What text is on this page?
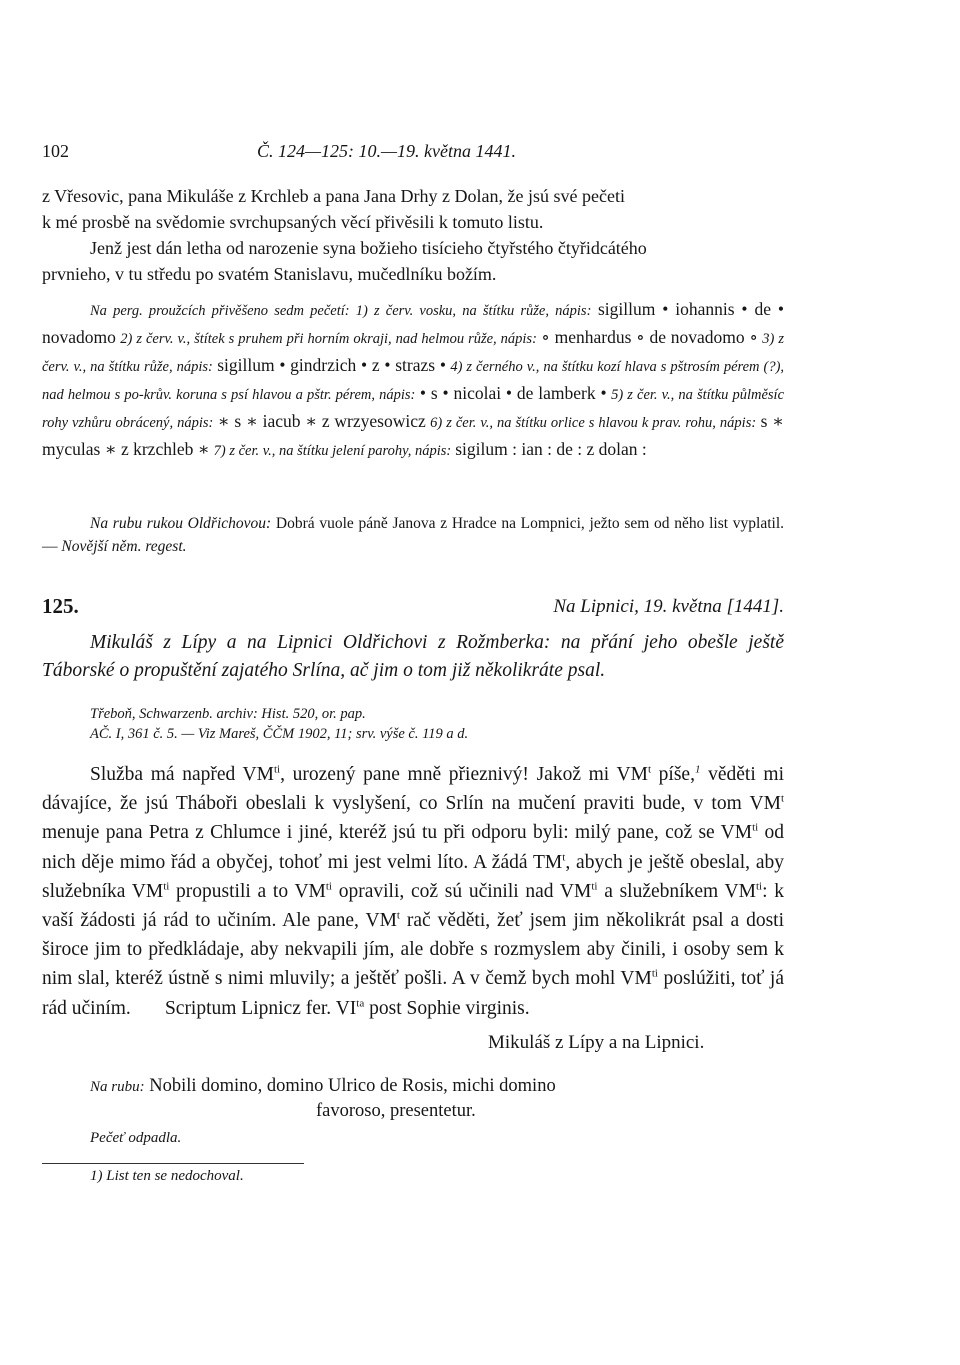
102	Č. 124—125: 10.—19. května 1441.

z Vřesovic, pana Mikuláše z Krchleb a pana Jana Drhy z Dolan, že jsú své pečeti

k mé prosbě na svědomie svrchupsaných věcí přivěsili k tomuto listu.

Jenž jest dán letha od narozenie syna božieho tisícieho čtyřstého čtyřidcátého

prvnieho, v tu středu po svatém Stanislavu, mučedlníku božím.

Na perg. proužcích přivěšeno sedm pečetí: 1) z červ. vosku, na štítku růže, nápis: sigillum • iohannis • de • novadomo 2) z červ. v., štítek s pruhem při horním okraji, nad helmou růže, nápis: ∘ menhardus ∘ de novadomo ∘ 3) z červ. v., na štítku růže, nápis: sigillum • gindrzich • z • strazs • 4) z černého v., na štítku kozí hlava s pštrosím pérem (?), nad helmou s po-krův. koruna s psí hlavou a pštr. pérem, nápis: • s • nicolai • de lamberk • 5) z čer. v., na štítku půlměsíc rohy vzhůru obrácený, nápis: ∗ s ∗ iacub ∗ z wrzyesowicz 6) z čer. v., na štítku orlice s hlavou k prav. rohu, nápis: s ∗ myculas ∗ z krzchleb ∗ 7) z čer. v., na štítku jelení parohy, nápis: sigilum : ian : de : z dolan :

Na rubu rukou Oldřichovou: Dobrá vuole páně Janova z Hradce na Lompnici, ježto sem od něho list vyplatil. — Novější něm. regest.

125.	Na Lipnici, 19. května [1441].

Mikuláš z Lípy a na Lipnici Oldřichovi z Rožmberka: na přání jeho obešle ještě Táborské o propuštění zajatého Srlína, ač jim o tom již několikráte psal.

Třeboň, Schwarzenb. archiv: Hist. 520, or. pap.

AČ. I, 361 č. 5. — Viz Mareš, ČČM 1902, 11; srv. výše č. 119 a d.

Služba má napřed $VM^{ti}$, urozený pane mně přieznivý! Jakož mi $VM^t$ píše,$^1$ věděti mi dávajíce, že jsú Tháboři obeslali k vyslyšení, co Srlín na mučení praviti bude, v tom $VM^t$ menuje pana Petra z Chlumce i jiné, kteréž jsú tu při odporu byli: milý pane, což se $VM^{ti}$ od nich děje mimo řád a obyčej, tohoť mi jest velmi líto. A žádá $TM^t$, abych je ještě obeslal, aby služebníka $VM^{ti}$ propustili a to $VM^{ti}$ opravili, což sú učinili nad $VM^{ti}$ a služebníkem $VM^{ti}$: k vaší žádosti já rád to učiním. Ale pane, $VM^t$ rač věděti, žeť jsem jim několikrát psal a dosti široce jim to předkládaje, aby nekvapili jím, ale dobře s rozmyslem aby činili, i osoby sem k nim slal, kteréž ústně s nimi mluvily; a ještěť pošli. A v čemž bych mohl $VM^{ti}$ poslúžiti, toť já rád učiním. Scriptum Lipnicz fer. $VI^{ta}$ post Sophie virginis.

Mikuláš z Lípy a na Lipnici.
Na rubu: Nobili domino, domino Ulrico de Rosis, michi domino
favoroso, presentetur.
Pečeť odpadla.
1) List ten se nedochoval.
